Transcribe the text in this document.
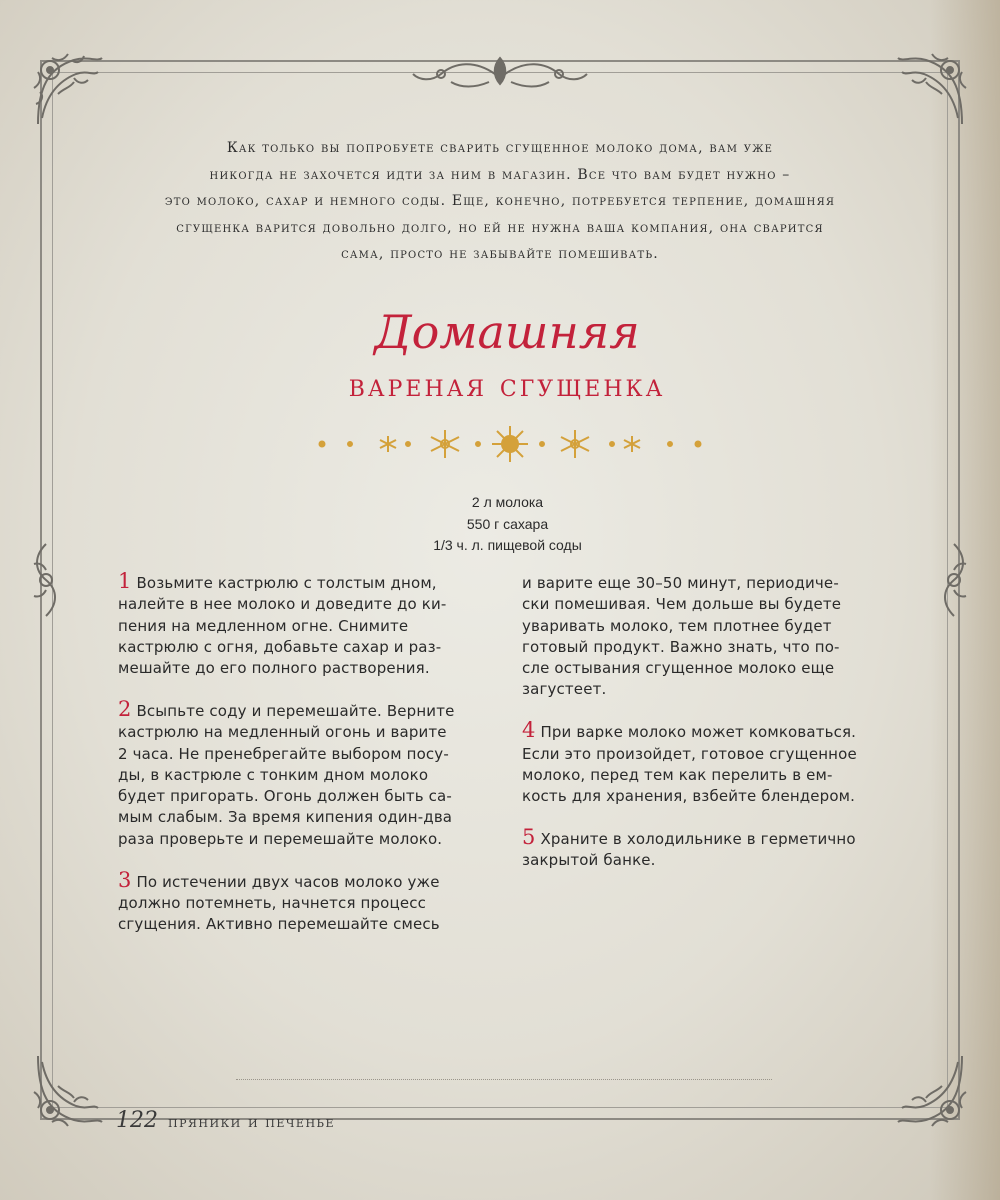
Как только вы попробуете сварить сгущенное молоко дома, вам уже
никогда не захочется идти за ним в магазин. Все что вам будет нужно –
это молоко, сахар и немного соды. Еще, конечно, потребуется терпение, домашняя
сгущенка варится довольно долго, но ей не нужна ваша компания, она сварится
сама, просто не забывайте помешивать.
Домашняя
вареная сгущенка
2 л молока
550 г сахара
1/3 ч. л. пищевой соды
1 Возьмите кастрюлю с толстым дном,
налейте в нее молоко и доведите до ки-
пения на медленном огне. Снимите
кастрюлю с огня, добавьте сахар и раз-
мешайте до его полного растворения.
2 Всыпьте соду и перемешайте. Верните
кастрюлю на медленный огонь и варите
2 часа. Не пренебрегайте выбором посу-
ды, в кастрюле с тонким дном молоко
будет пригорать. Огонь должен быть са-
мым слабым. За время кипения один-два
раза проверьте и перемешайте молоко.
3 По истечении двух часов молоко уже
должно потемнеть, начнется процесс
сгущения. Активно перемешайте смесь
и варите еще 30–50 минут, периодиче-
ски помешивая. Чем дольше вы будете
уваривать молоко, тем плотнее будет
готовый продукт. Важно знать, что по-
сле остывания сгущенное молоко еще
загустеет.
4 При варке молоко может комковаться.
Если это произойдет, готовое сгущенное
молоко, перед тем как перелить в ем-
кость для хранения, взбейте блендером.
5 Храните в холодильнике в герметично
закрытой банке.
122 пряники и печенье
